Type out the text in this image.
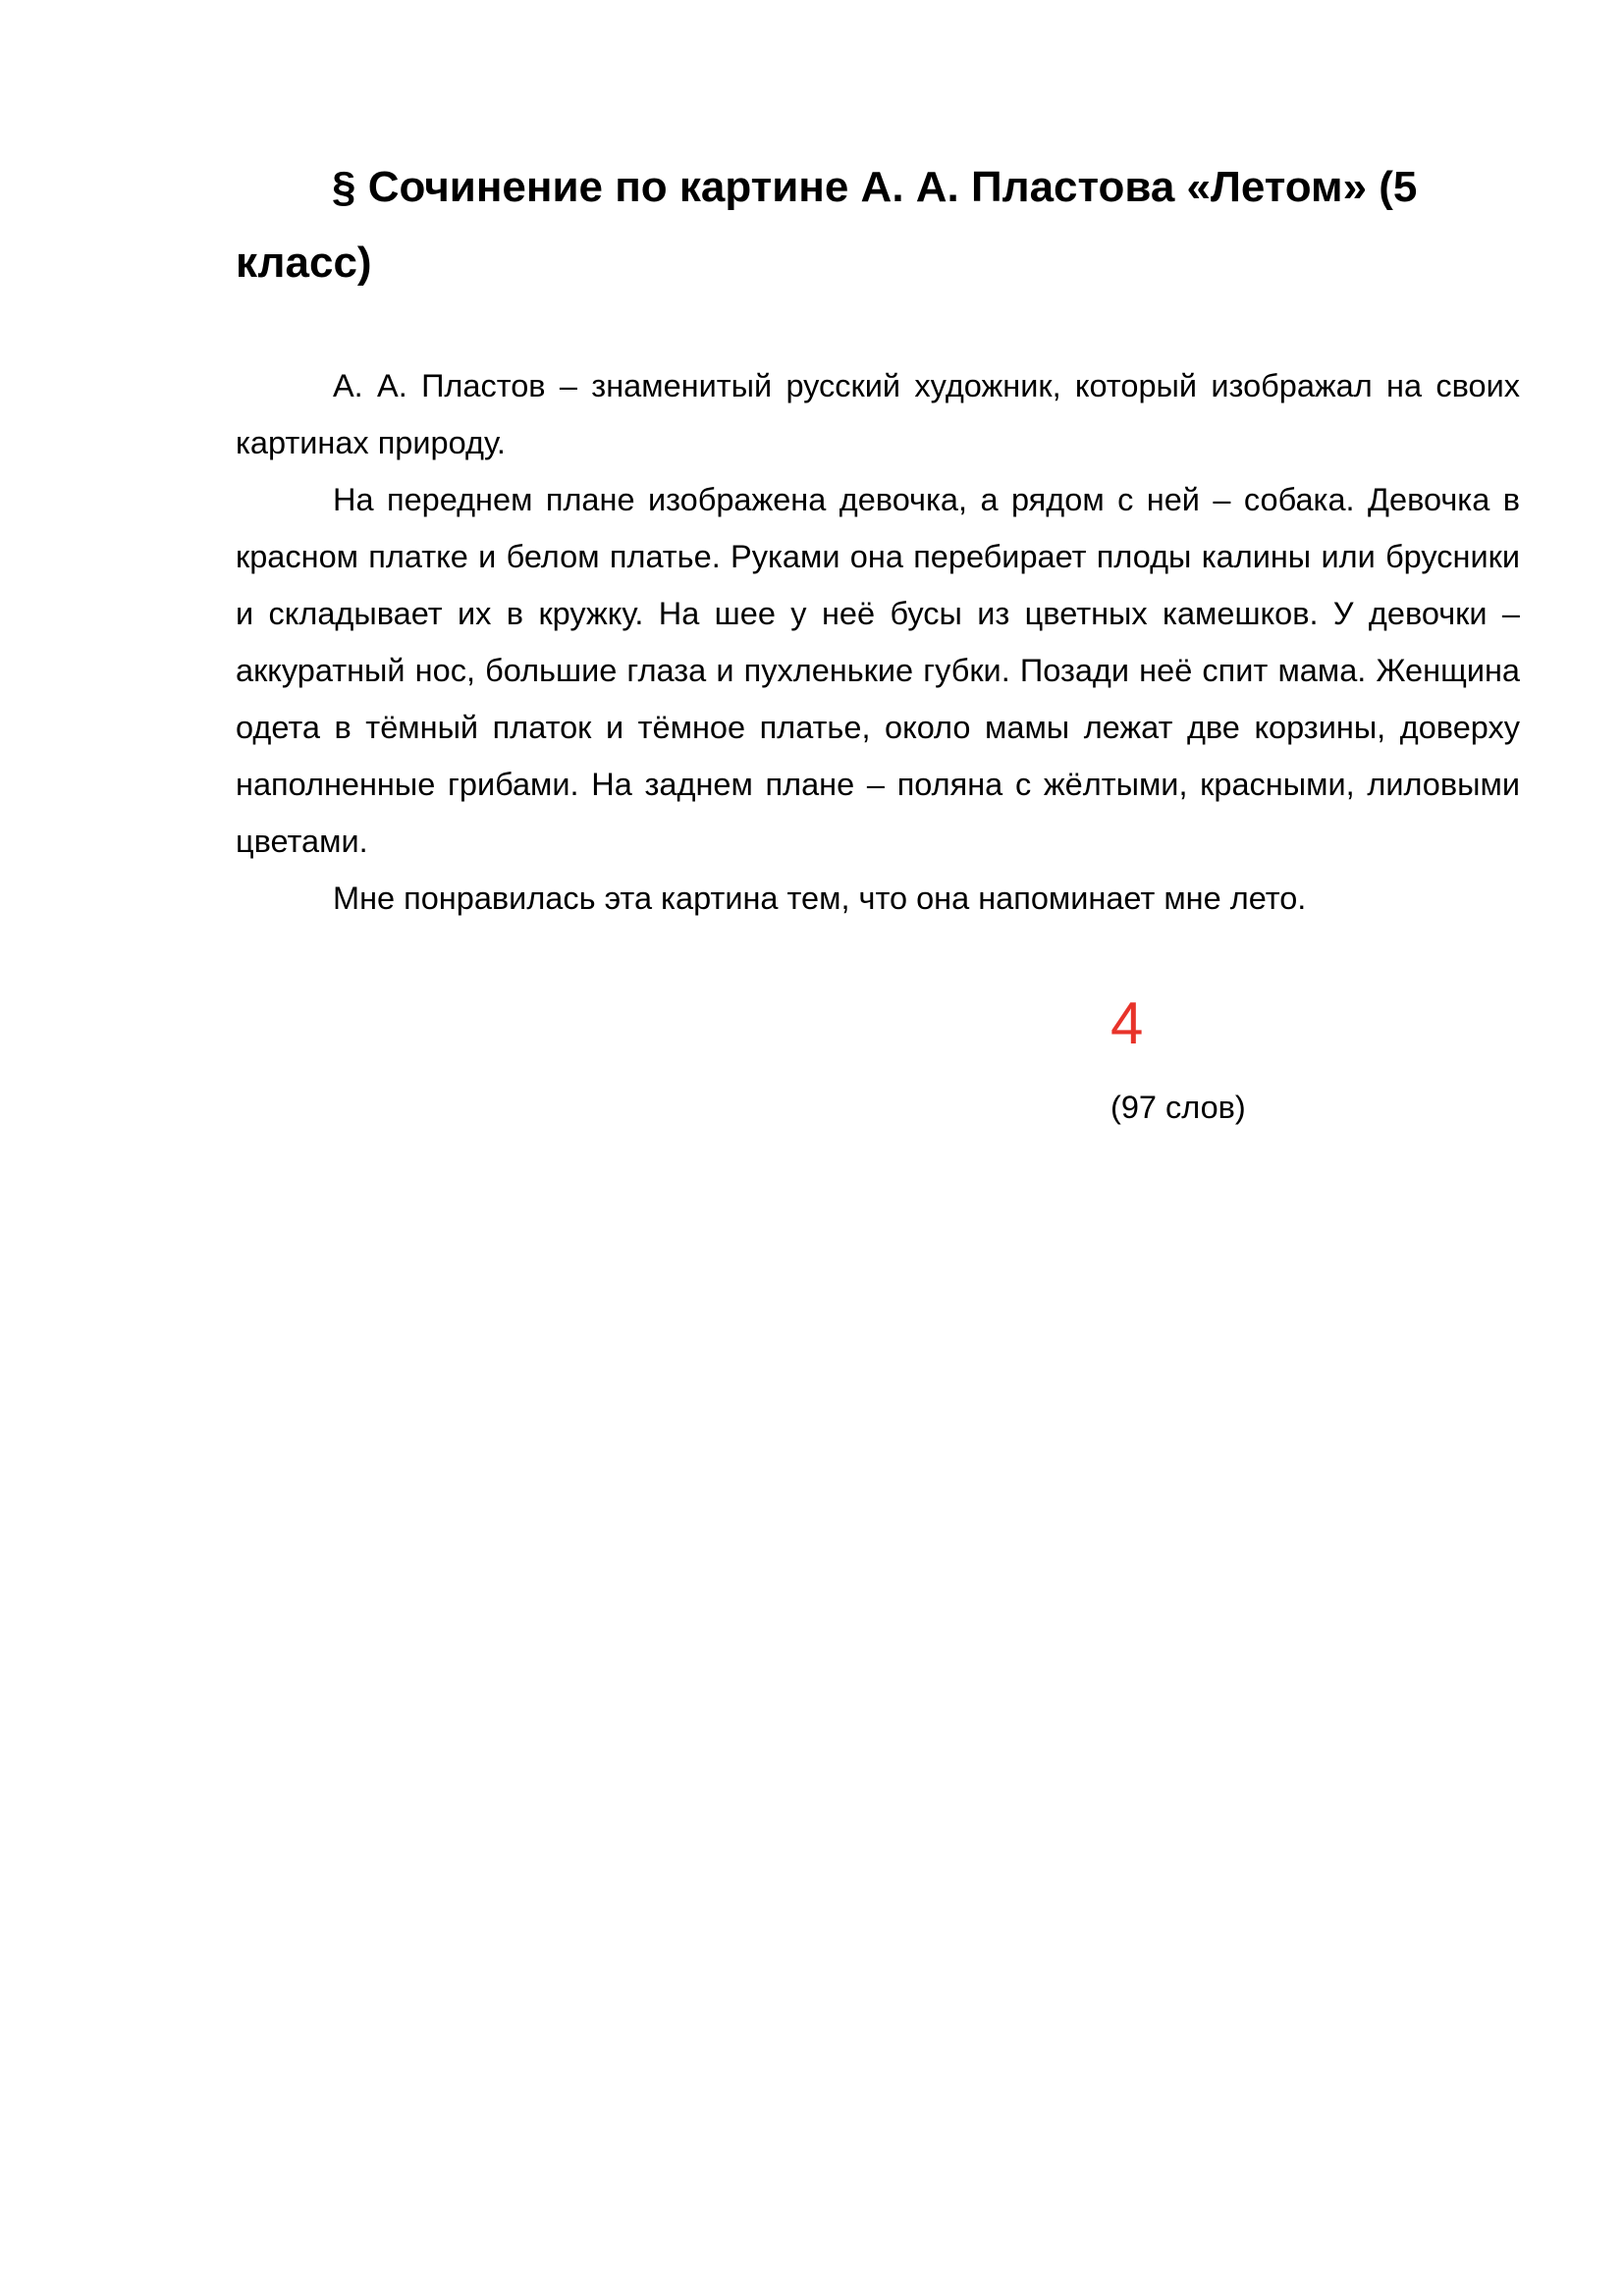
§ Сочинение по картине А. А. Пластова «Летом» (5 класс)

А. А. Пластов – знаменитый русский художник, который изображал на своих картинах природу.

На переднем плане изображена девочка, а рядом с ней – собака. Девочка в красном платке и белом платье. Руками она перебирает плоды калины или брусники и складывает их в кружку. На шее у неё бусы из цветных камешков. У девочки – аккуратный нос, большие глаза и пухленькие губки. Позади неё спит мама. Женщина одета в тёмный платок и тёмное платье, около мамы лежат две корзины, доверху наполненные грибами. На заднем плане – поляна с жёлтыми, красными, лиловыми цветами.

Мне понравилась эта картина тем, что она напоминает мне лето.

4
(97 слов)
